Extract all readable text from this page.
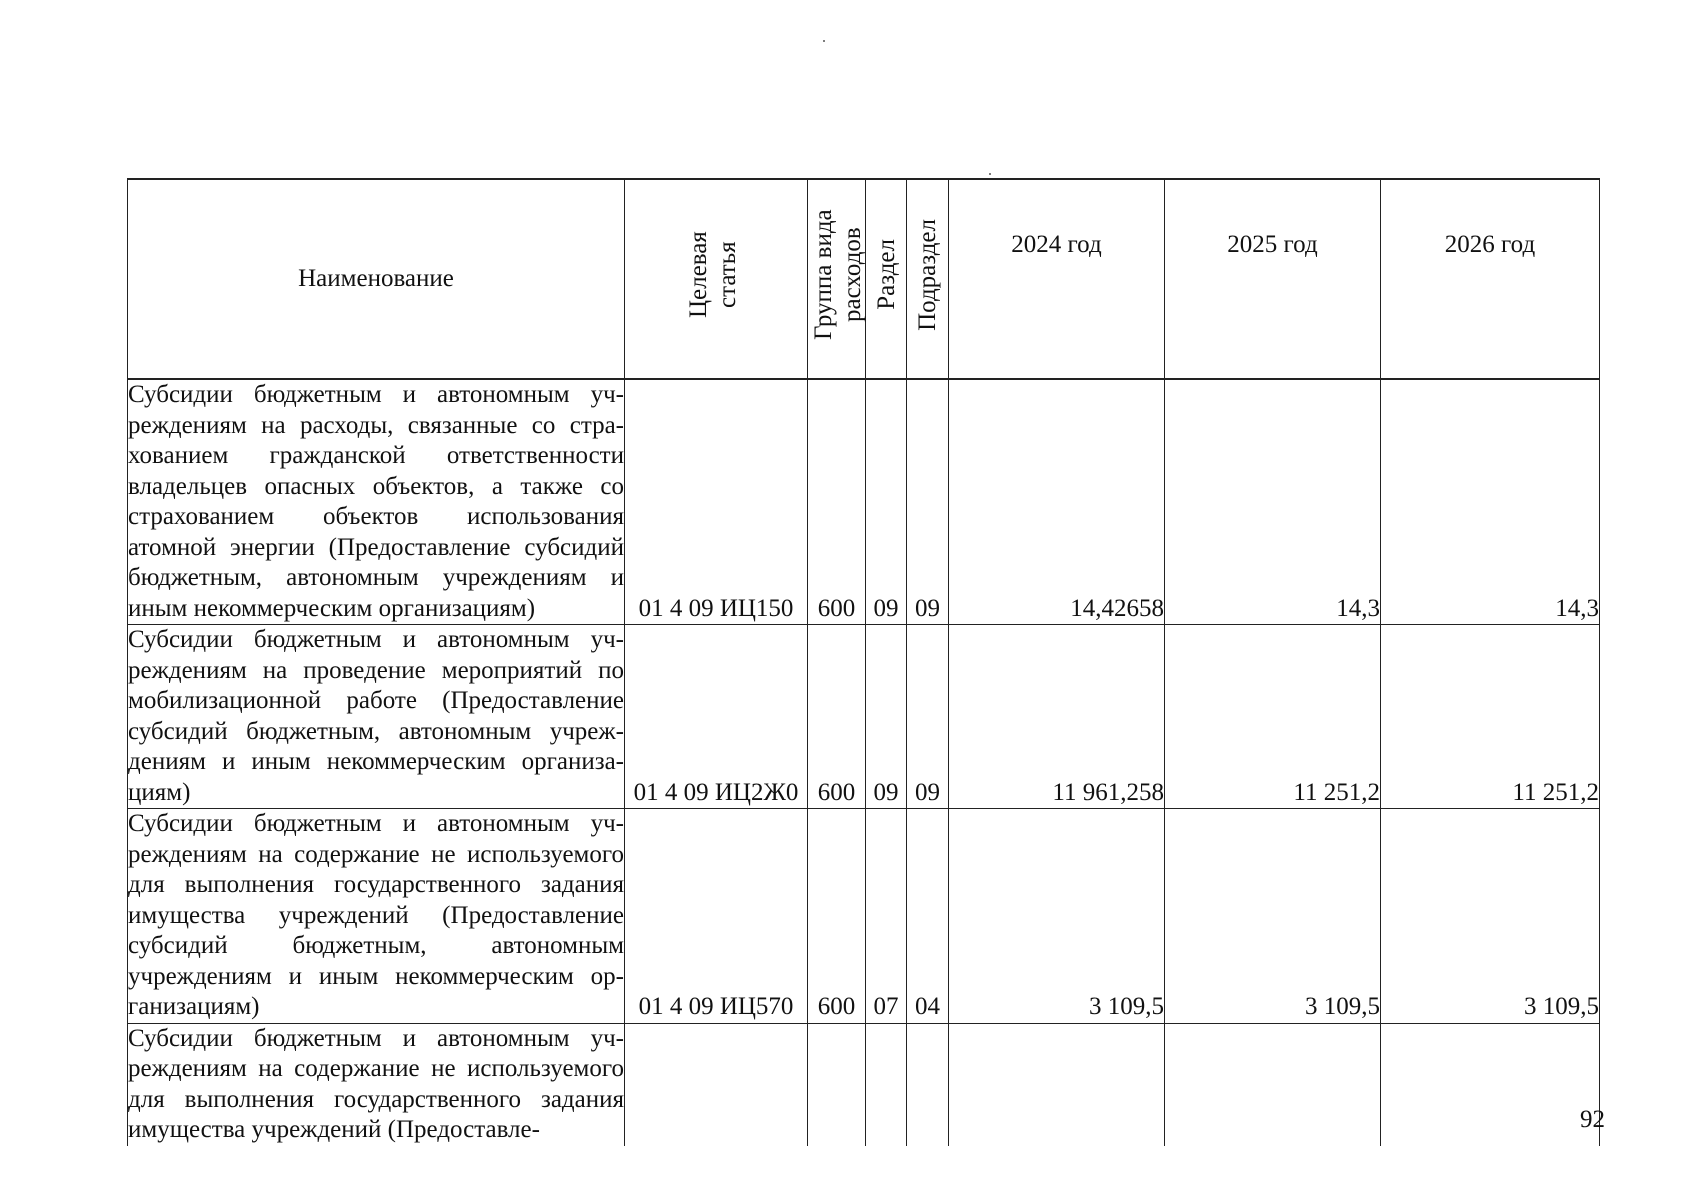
Наименование	Целевая статья	Группа вида расходов	Раздел	Подраздел	2024 год	2025 год	2026 год
Субсидии бюджетным и автономным учреждениям на расходы, связанные со страхованием гражданской ответственности владельцев опасных объектов, а также со страхованием объектов использования атомной энергии (Предоставление субсидий бюджетным, автономным учреждениям и иным некоммерческим организациям)	01 4 09 ИЦ150	600	09	09	14,42658	14,3	14,3
Субсидии бюджетным и автономным учреждениям на проведение мероприятий по мобилизационной работе (Предоставление субсидий бюджетным, автономным учреждениям и иным некоммерческим организациям)	01 4 09 ИЦ2Ж0	600	09	09	11 961,258	11 251,2	11 251,2
Субсидии бюджетным и автономным учреждениям на содержание не используемого для выполнения государственного задания имущества учреждений (Предоставление субсидий бюджетным, автономным учреждениям и иным некоммерческим организациям)	01 4 09 ИЦ570	600	07	04	3 109,5	3 109,5	3 109,5
Субсидии бюджетным и автономным учреждениям на содержание не используемого для выполнения государственного задания имущества учреждений (Предоставле-								92
